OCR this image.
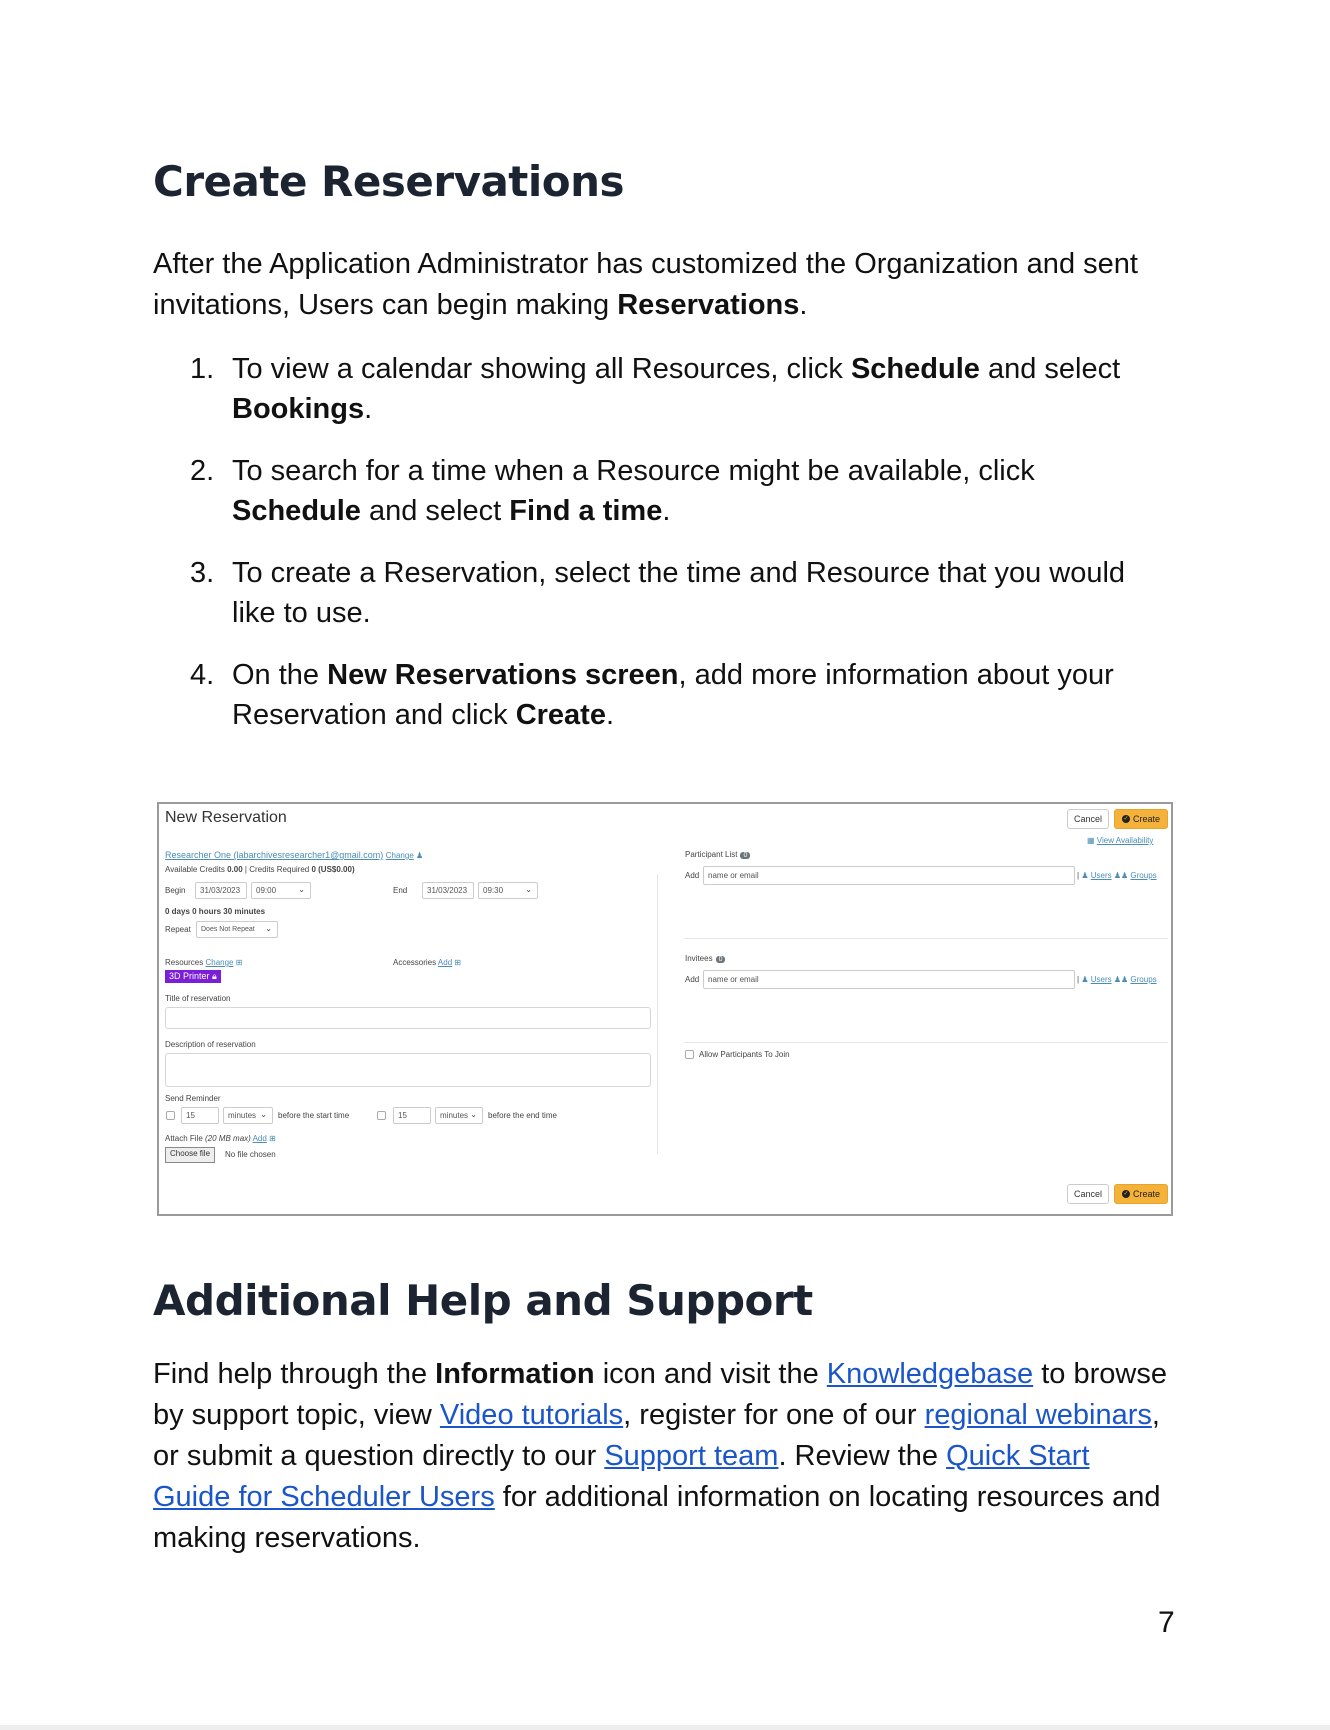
Create Reservations

After the Application Administrator has customized the Organization and sent invitations, Users can begin making Reservations.

1. To view a calendar showing all Resources, click Schedule and select Bookings.
2. To search for a time when a Resource might be available, click Schedule and select Find a time.
3. To create a Reservation, select the time and Resource that you would like to use.
4. On the New Reservations screen, add more information about your Reservation and click Create.
New Reservation	Cancel	✓ Create
▦ View Availability
Researcher One (labarchivesresearcher1@gmail.com) Change ♟
Available Credits 0.00 | Credits Required 0 (US$0.00)
Begin	31/03/2023	09:00	⌄	End	31/03/2023	09:30	⌄
0 days 0 hours 30 minutes
Repeat Does Not Repeat ⌄
Resources Change ⊞	Accessories Add ⊞
3D Printer 🔒︎
Title of reservation
Description of reservation
Send Reminder
15	minutes ⌄ before the start time	15	minutes ⌄ before the end time
Attach File (20 MB max) Add ⊞
Choose file	No file chosen
Participant List 0
Add	name or email	| ♟ Users ♟♟ Groups
Invitees 0
Add	name or email	| ♟ Users ♟♟ Groups
Allow Participants To Join
Cancel	✓ Create
Additional Help and Support

Find help through the Information icon and visit the Knowledgebase to browse by support topic, view Video tutorials, register for one of our regional webinars, or submit a question directly to our Support team. Review the Quick Start Guide for Scheduler Users for additional information on locating resources and making reservations.

7
